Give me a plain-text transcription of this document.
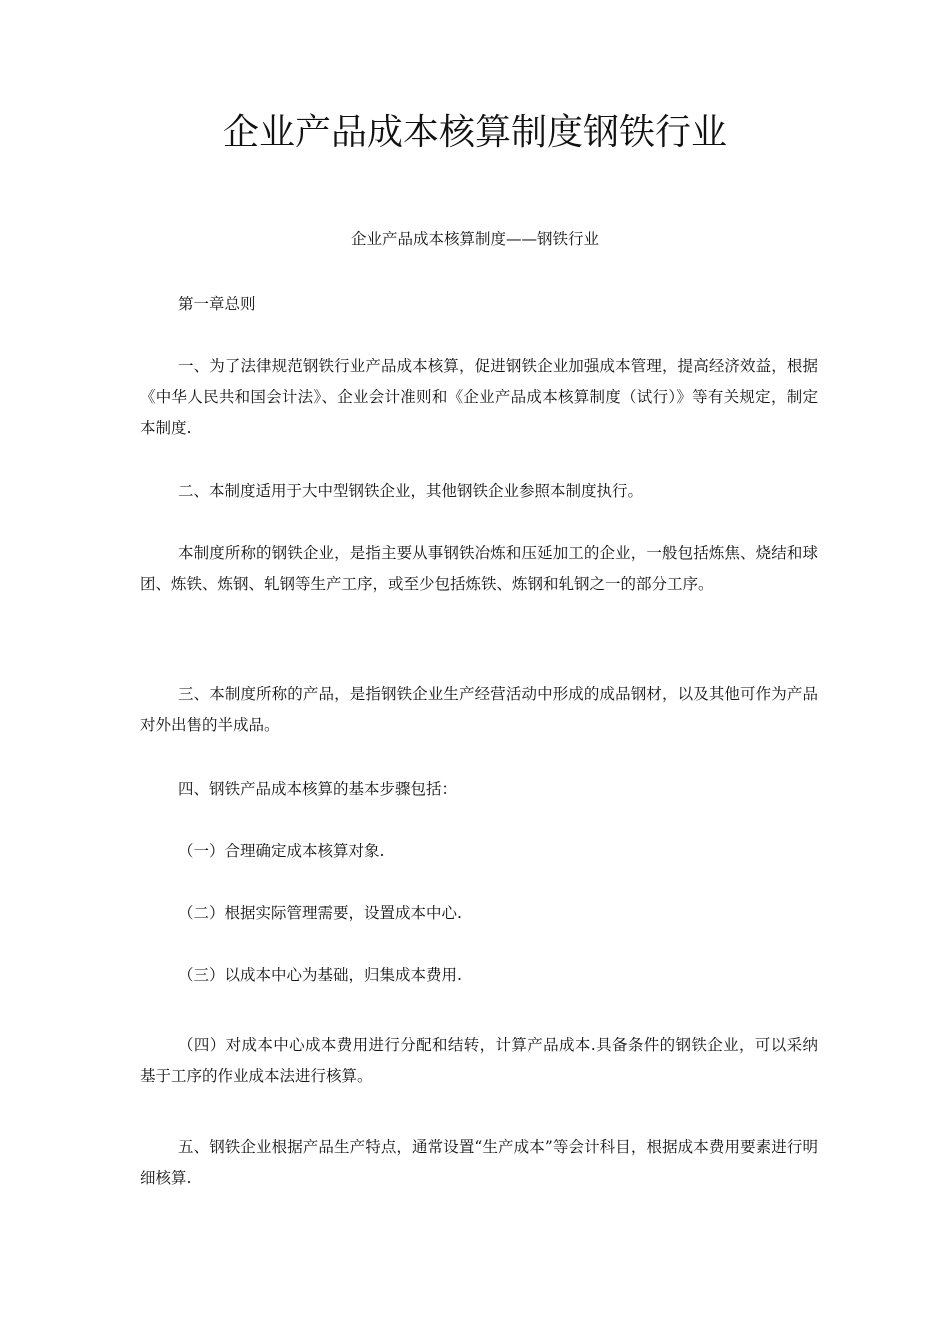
企业产品成本核算制度钢铁行业
企业产品成本核算制度——钢铁行业

第一章总则

一、为了法律规范钢铁行业产品成本核算，促进钢铁企业加强成本管理，提高经济效益，根据《中华人民共和国会计法》、企业会计准则和《企业产品成本核算制度（试行）》等有关规定，制定本制度.

二、本制度适用于大中型钢铁企业，其他钢铁企业参照本制度执行。

本制度所称的钢铁企业，是指主要从事钢铁冶炼和压延加工的企业，一般包括炼焦、烧结和球团、炼铁、炼钢、轧钢等生产工序，或至少包括炼铁、炼钢和轧钢之一的部分工序。

三、本制度所称的产品，是指钢铁企业生产经营活动中形成的成品钢材，以及其他可作为产品对外出售的半成品。

四、钢铁产品成本核算的基本步骤包括：

（一）合理确定成本核算对象.

（二）根据实际管理需要，设置成本中心.

（三）以成本中心为基础，归集成本费用.

（四）对成本中心成本费用进行分配和结转，计算产品成本.具备条件的钢铁企业，可以采纳基于工序的作业成本法进行核算。

五、钢铁企业根据产品生产特点，通常设置“生产成本”等会计科目，根据成本费用要素进行明细核算.
